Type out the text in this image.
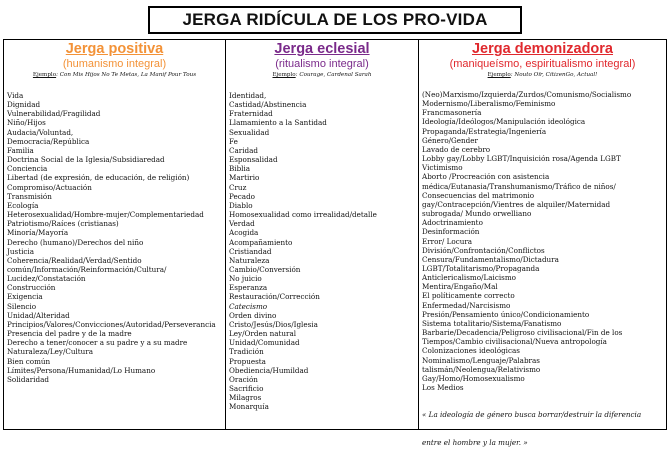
JERGA RIDÍCULA DE LOS PRO-VIDA
Jerga positiva
(humanismo integral)
Ejemplo: Con Mis Hijos No Te Metas, La Manif Pour Tous
Vida
Dignidad
Vulnerabilidad/Fragilidad
Niño/Hijos
Audacia/Voluntad,
Democracia/República
Familia
Doctrina Social de la Iglesia/Subsidiaredad
Conciencia
Libertad (de expresión, de educación, de religión)
Compromiso/Actuación
Transmisión
Ecología
Heterosexualidad/Hombre-mujer/Complementariedad
Patriotismo/Raíces (cristianas)
Minoría/Mayoría
Derecho (humano)/Derechos del niño
Justicia
Coherencia/Realidad/Verdad/Sentido
común/Información/Reinformación/Cultura/
Lucidez/Constatación
Construcción
Exigencia
Silencio
Unidad/Alteridad
Principios/Valores/Convicciones/Autoridad/Perseverancia
Presencia del padre y de la madre
Derecho a tener/conocer a su padre y a su madre
Naturaleza/Ley/Cultura
Bien común
Límites/Persona/Humanidad/Lo Humano
Solidaridad
Jerga eclesial
(ritualismo integral)
Ejemplo: Courage, Cardenal Sarah
Identidad,
Castidad/Abstinencia
Fraternidad
Llamamiento a la Santidad
Sexualidad
Fe
Caridad
Esponsalidad
Biblia
Martirio
Cruz
Pecado
Diablo
Homosexualidad como irrealidad/detalle
Verdad
Acogida
Acompañamiento
Cristiandad
Naturaleza
Cambio/Conversión
No juicio
Esperanza
Restauración/Corrección
Catecismo
Orden divino
Cristo/Jesús/Dios/Iglesia
Ley/Orden natural
Unidad/Comunidad
Tradición
Propuesta
Obediencia/Humildad
Oración
Sacrificio
Milagros
Monarquía
Jerga demonizadora
(maniqueísmo, espiritualismo integral)
Ejemplo: Nouto Oïr, CitizenGo, Actual!
(Neo)Marxismo/Izquierda/Zurdos/Comunismo/Socialismo
Modernismo/Liberalismo/Feminismo
Francmasonería
Ideología/Ideólogos/Manipulación ideológica
Propaganda/Estrategia/Ingeniería
Género/Gender
Lavado de cerebro
Lobby gay/Lobby LGBT/Inquisición rosa/Agenda LGBT
Victimismo
Aborto /Procreación con asistencia
médica/Eutanasia/Transhumanismo/Tráfico de niños/
Consecuencias del matrimonio
gay/Contracepción/Vientres de alquiler/Maternidad
subrogada/ Mundo orwelliano
Adoctrinamiento
Desinformación
Error/ Locura
División/Confrontación/Conflictos
Censura/Fundamentalismo/Dictadura
LGBT/Totalitarismo/Propaganda
Anticlericalismo/Laicismo
Mentira/Engaño/Mal
El políticamente correcto
Enfermedad/Narcisismo
Presión/Pensamiento único/Condicionamiento
Sistema totalitario/Sistema/Fanatismo
Barbarie/Decadencia/Peligroso civilisacional/Fin de los
Tiempos/Cambio civilisacional/Nueva antropología
Colonizaciones ideológicas
Nominalismo/Lenguaje/Palabras
talismán/Neolengua/Relativismo
Gay/Homo/Homosexualismo
Los Medios

« La ideología de género busca borrar/destruir la diferencia

entre el hombre y la mujer. »
